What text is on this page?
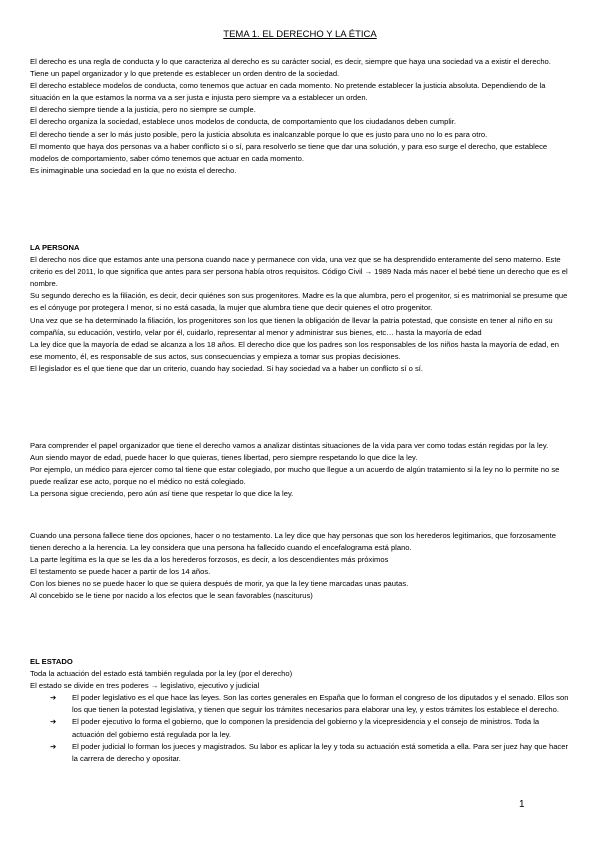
TEMA 1. EL DERECHO Y LA ÉTICA

El derecho es una regla de conducta y lo que caracteriza al derecho es su carácter social, es decir, siempre que haya una sociedad va a existir el derecho.

Tiene un papel organizador y lo que pretende es establecer un orden dentro de la sociedad.

El derecho establece modelos de conducta, como tenemos que actuar en cada momento. No pretende establecer la justicia absoluta. Dependiendo de la situación en la que estamos la norma va a ser justa e injusta pero siempre va a establecer un orden.

El derecho siempre tiende a la justicia, pero no siempre se cumple.

El derecho organiza la sociedad, establece unos modelos de conducta, de comportamiento que los ciudadanos deben cumplir.

El derecho tiende a ser lo más justo posible, pero la justicia absoluta es inalcanzable porque lo que es justo para uno no lo es para otro.

El momento que haya dos personas va a haber conflicto si o sí, para resolverlo se tiene que dar una solución, y para eso surge el derecho, que establece modelos de comportamiento, saber cómo tenemos que actuar en cada momento.

Es inimaginable una sociedad en la que no exista el derecho.

LA PERSONA

El derecho nos dice que estamos ante una persona cuando nace y permanece con vida, una vez que se ha desprendido enteramente del seno materno. Este criterio es del 2011, lo que significa que antes para ser persona había otros requisitos. Código Civil → 1989 Nada más nacer el bebé tiene un derecho que es el nombre.

Su segundo derecho es la filiación, es decir, decir quiénes son sus progenitores. Madre es la que alumbra, pero el progenitor, si es matrimonial se presume que es el cónyuge por protegera l menor, si no está casada, la mujer que alumbra tiene que decir quienes el otro progenitor.

Una vez que se ha determinado la filiación, los progenitores son los que tienen la obligación de llevar la patria potestad, que consiste en tener al niño en su compañía, su educación, vestirlo, velar por él, cuidarlo, representar al menor y administrar sus bienes, etc… hasta la mayoría de edad

La ley dice que la mayoría de edad se alcanza a los 18 años. El derecho dice que los padres son los responsables de los niños hasta la mayoría de edad, en ese momento, él, es responsable de sus actos, sus consecuencias y empieza a tomar sus propias decisiones.

El legislador es el que tiene que dar un criterio, cuando hay sociedad. Si hay sociedad va a haber un conflicto sí o sí.

Para comprender el papel organizador que tiene el derecho vamos a analizar distintas situaciones de la vida para ver como todas están regidas por la ley.

Aun siendo mayor de edad, puede hacer lo que quieras, tienes libertad, pero siempre respetando lo que dice la ley.

Por ejemplo, un médico para ejercer como tal tiene que estar colegiado, por mucho que llegue a un acuerdo de algún tratamiento si la ley no lo permite no se puede realizar ese acto, porque no el médico no está colegiado.

La persona sigue creciendo, pero aún así tiene que respetar lo que dice la ley.

Cuando una persona fallece tiene dos opciones, hacer o no testamento. La ley dice que hay personas que son los herederos legitimarios, que forzosamente tienen derecho a la herencia. La ley considera que una persona ha fallecido cuando el encefalograma está plano.

La parte legítima es la que se les da a los herederos forzosos, es decir, a los descendientes más próximos

El testamento se puede hacer a partir de los 14 años.

Con los bienes no se puede hacer lo que se quiera después de morir, ya que la ley tiene marcadas unas pautas.

Al concebido se le tiene por nacido a los efectos que le sean favorables (nasciturus)

EL ESTADO

Toda la actuación del estado está también regulada por la ley (por el derecho)

El estado se divide en tres poderes → legislativo, ejecutivo y judicial

➔ El poder legislativo es el que hace las leyes. Son las cortes generales en España que lo forman el congreso de los diputados y el senado. Ellos son los que tienen la potestad legislativa, y tienen que seguir los trámites necesarios para elaborar una ley, y estos trámites los establece el derecho.
➔ El poder ejecutivo lo forma el gobierno, que lo componen la presidencia del gobierno y la vicepresidencia y el consejo de ministros. Toda la actuación del gobierno está regulada por la ley.
➔ El poder judicial lo forman los jueces y magistrados. Su labor es aplicar la ley y toda su actuación está sometida a ella. Para ser juez hay que hacer la carrera de derecho y opositar.
1
